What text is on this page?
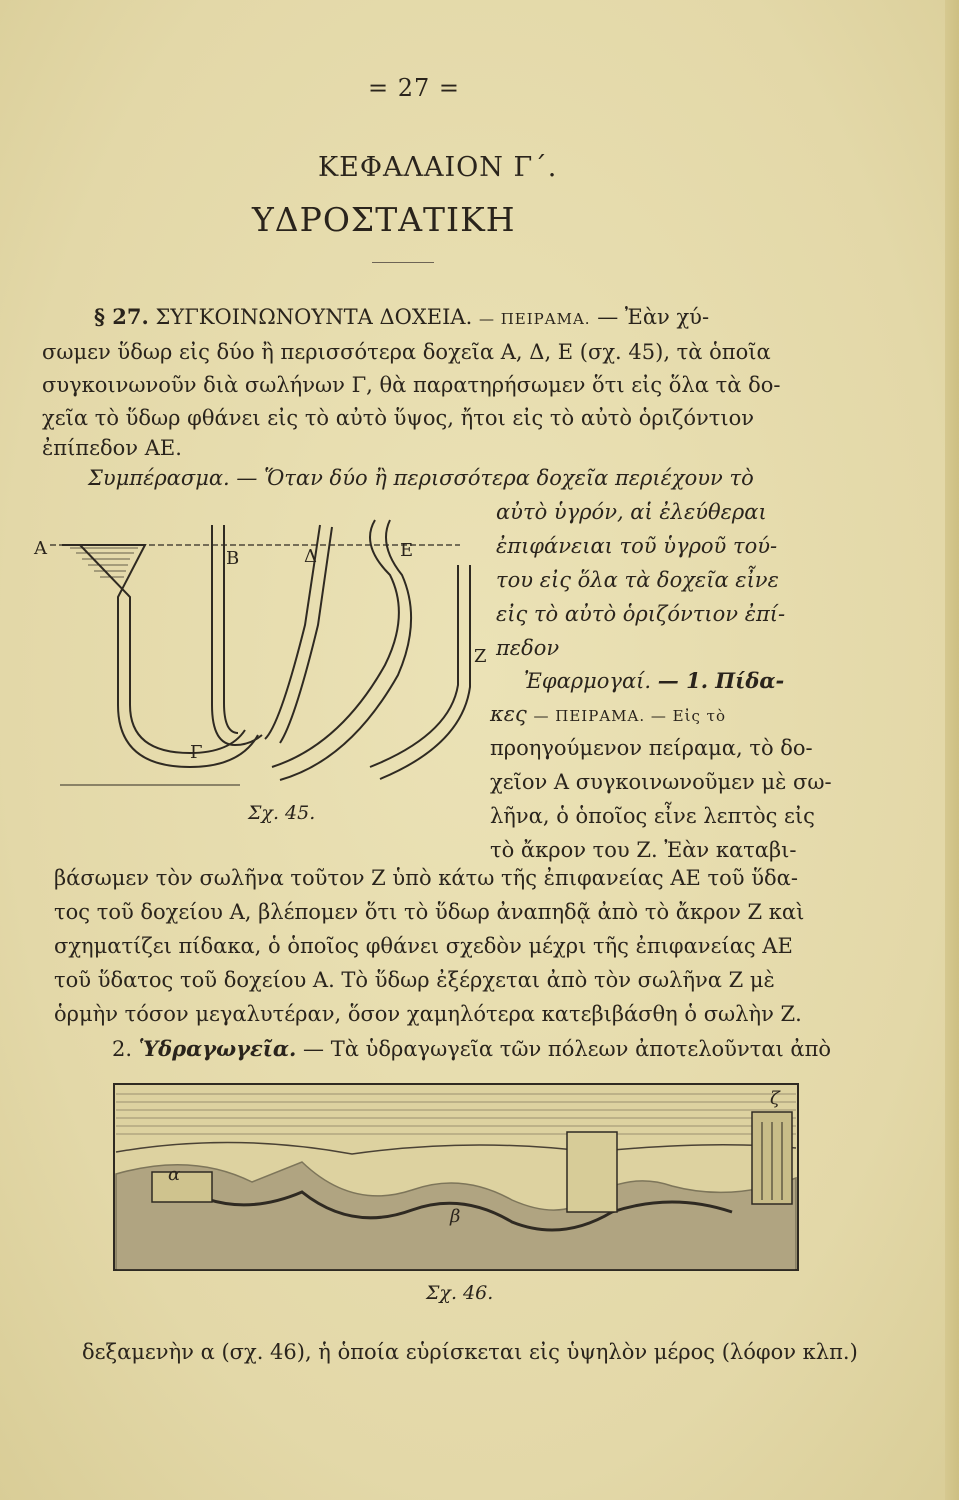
= 27 =
ΚΕΦΑΛΑΙΟΝ Γ΄.
ΥΔΡΟΣΤΑΤΙΚΗ
§ 27. ΣΥΓΚΟΙΝΩΝΟΥΝΤΑ ΔΟΧΕΙΑ. — ΠΕΙΡΑΜΑ. — Ἐὰν χύ-
σωμεν ὕδωρ εἰς δύο ἢ περισσότερα δοχεῖα Α, Δ, Ε (σχ. 45), τὰ ὁποῖα
συγκοινωνοῦν διὰ σωλήνων Γ, θὰ παρατηρήσωμεν ὅτι εἰς ὅλα τὰ δο-
χεῖα τὸ ὕδωρ φθάνει εἰς τὸ αὐτὸ ὕψος, ἤτοι εἰς τὸ αὐτὸ ὁριζόντιον
ἐπίπεδον ΑΕ.
Συμπέρασμα. — Ὅταν δύο ἢ περισσότερα δοχεῖα περιέχουν τὸ
αὐτὸ ὑγρόν, αἱ ἐλεύθεραι
ἐπιφάνειαι τοῦ ὑγροῦ τού-
του εἰς ὅλα τὰ δοχεῖα εἶνε
εἰς τὸ αὐτὸ ὁριζόντιον ἐπί-
πεδον
Ἐφαρμογαί. — 1. Πίδα-
κες — ΠΕΙΡΑΜΑ. — Εἰς τὸ
προηγούμενον πείραμα, τὸ δο-
χεῖον Α συγκοινωνοῦμεν μὲ σω-
λῆνα, ὁ ὁποῖος εἶνε λεπτὸς εἰς
τὸ ἄκρον του Ζ. Ἐὰν καταβι-
Α	Β	Δ	Ε
Γ
Ζ
Σχ. 45.
βάσωμεν τὸν σωλῆνα τοῦτον Ζ ὑπὸ κάτω τῆς ἐπιφανείας ΑΕ τοῦ ὕδα-
τος τοῦ δοχείου Α, βλέπομεν ὅτι τὸ ὕδωρ ἀναπηδᾷ ἀπὸ τὸ ἄκρον Ζ καὶ
σχηματίζει πίδακα, ὁ ὁποῖος φθάνει σχεδὸν μέχρι τῆς ἐπιφανείας ΑΕ
τοῦ ὕδατος τοῦ δοχείου Α. Τὸ ὕδωρ ἐξέρχεται ἀπὸ τὸν σωλῆνα Ζ μὲ
ὁρμὴν τόσον μεγαλυτέραν, ὅσον χαμηλότερα κατεβιβάσθη ὁ σωλὴν Ζ.
2. Ὑδραγωγεῖα. — Τὰ ὑδραγωγεῖα τῶν πόλεων ἀποτελοῦνται ἀπὸ
α
β
ζ
Σχ. 46.
δεξαμενὴν α (σχ. 46), ἡ ὁποία εὑρίσκεται εἰς ὑψηλὸν μέρος (λόφον κλπ.)
